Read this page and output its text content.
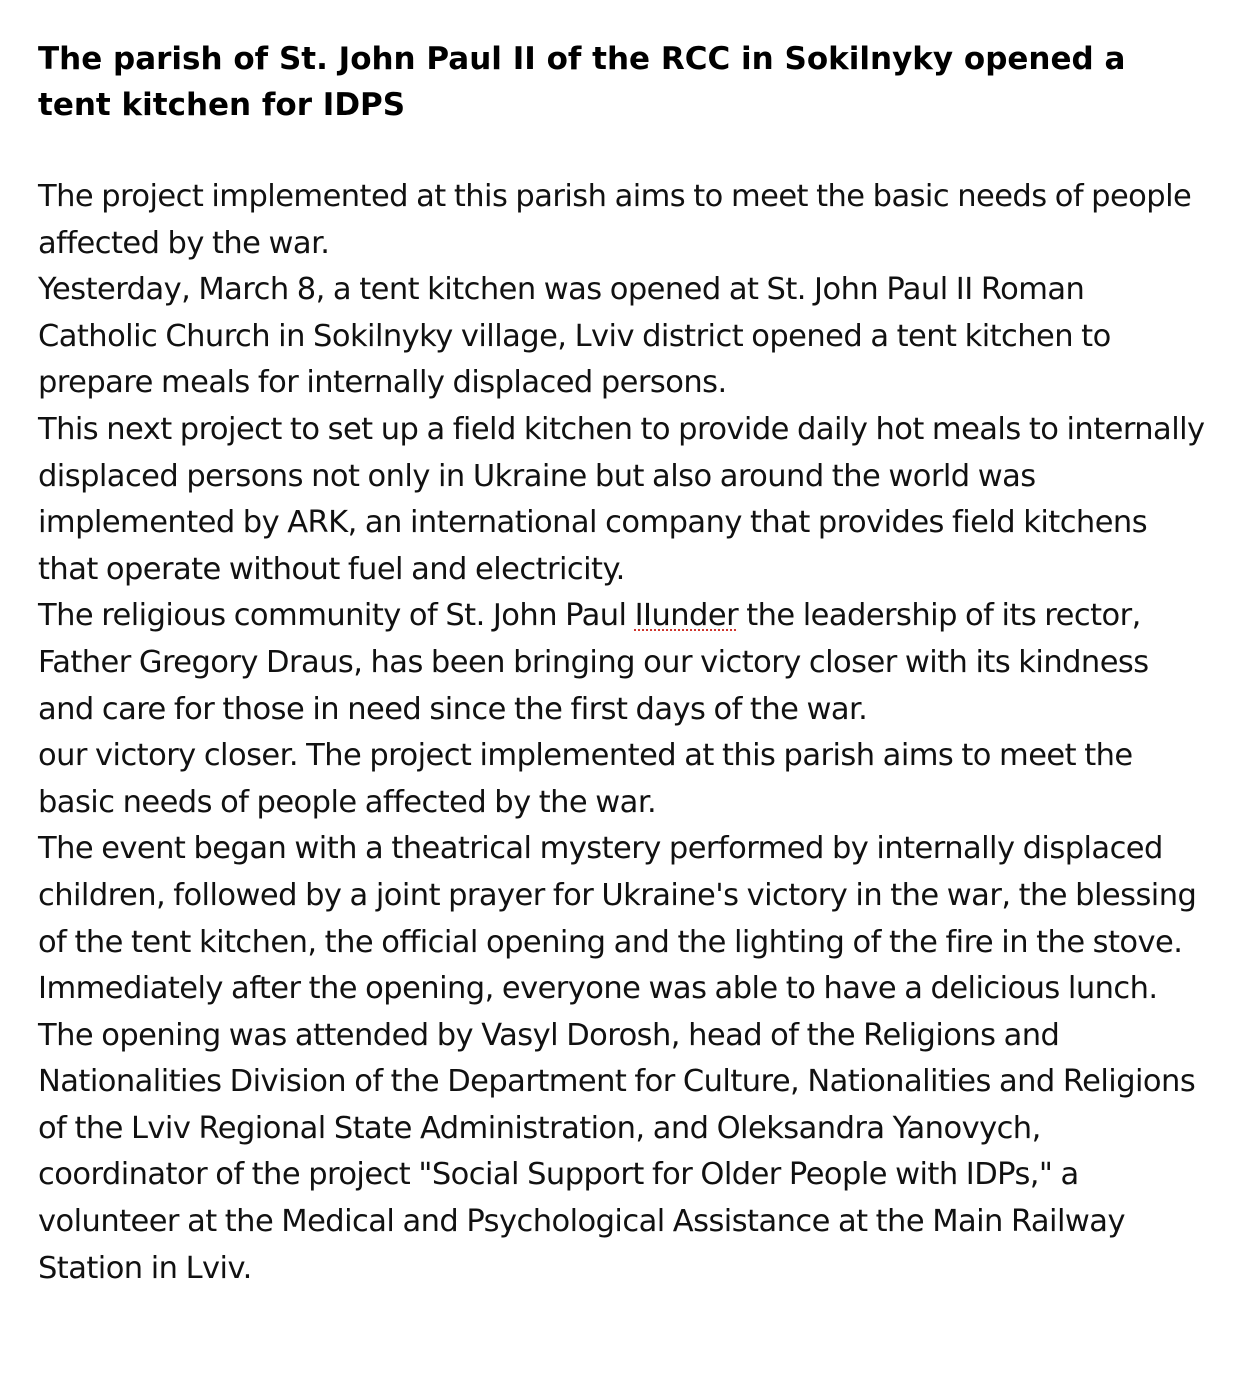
The parish of St. John Paul II of the RCC in Sokilnyky opened a tent kitchen for IDPS

The project implemented at this parish aims to meet the basic needs of people affected by the war.

Yesterday, March 8, a tent kitchen was opened at St. John Paul II Roman Catholic Church in Sokilnyky village, Lviv district opened a tent kitchen to prepare meals for internally displaced persons.

This next project to set up a field kitchen to provide daily hot meals to internally displaced persons not only in Ukraine but also around the world was implemented by ARK, an international company that provides field kitchens that operate without fuel and electricity.

The religious community of St. John Paul IIunder the leadership of its rector, Father Gregory Draus, has been bringing our victory closer with its kindness and care for those in need since the first days of the war.

our victory closer. The project implemented at this parish aims to meet the basic needs of people affected by the war.

The event began with a theatrical mystery performed by internally displaced children, followed by a joint prayer for Ukraine's victory in the war, the blessing of the tent kitchen, the official opening and the lighting of the fire in the stove. Immediately after the opening, everyone was able to have a delicious lunch.

The opening was attended by Vasyl Dorosh, head of the Religions and Nationalities Division of the Department for Culture, Nationalities and Religions of the Lviv Regional State Administration, and Oleksandra Yanovych, coordinator of the project "Social Support for Older People with IDPs," a volunteer at the Medical and Psychological Assistance at the Main Railway Station in Lviv.
